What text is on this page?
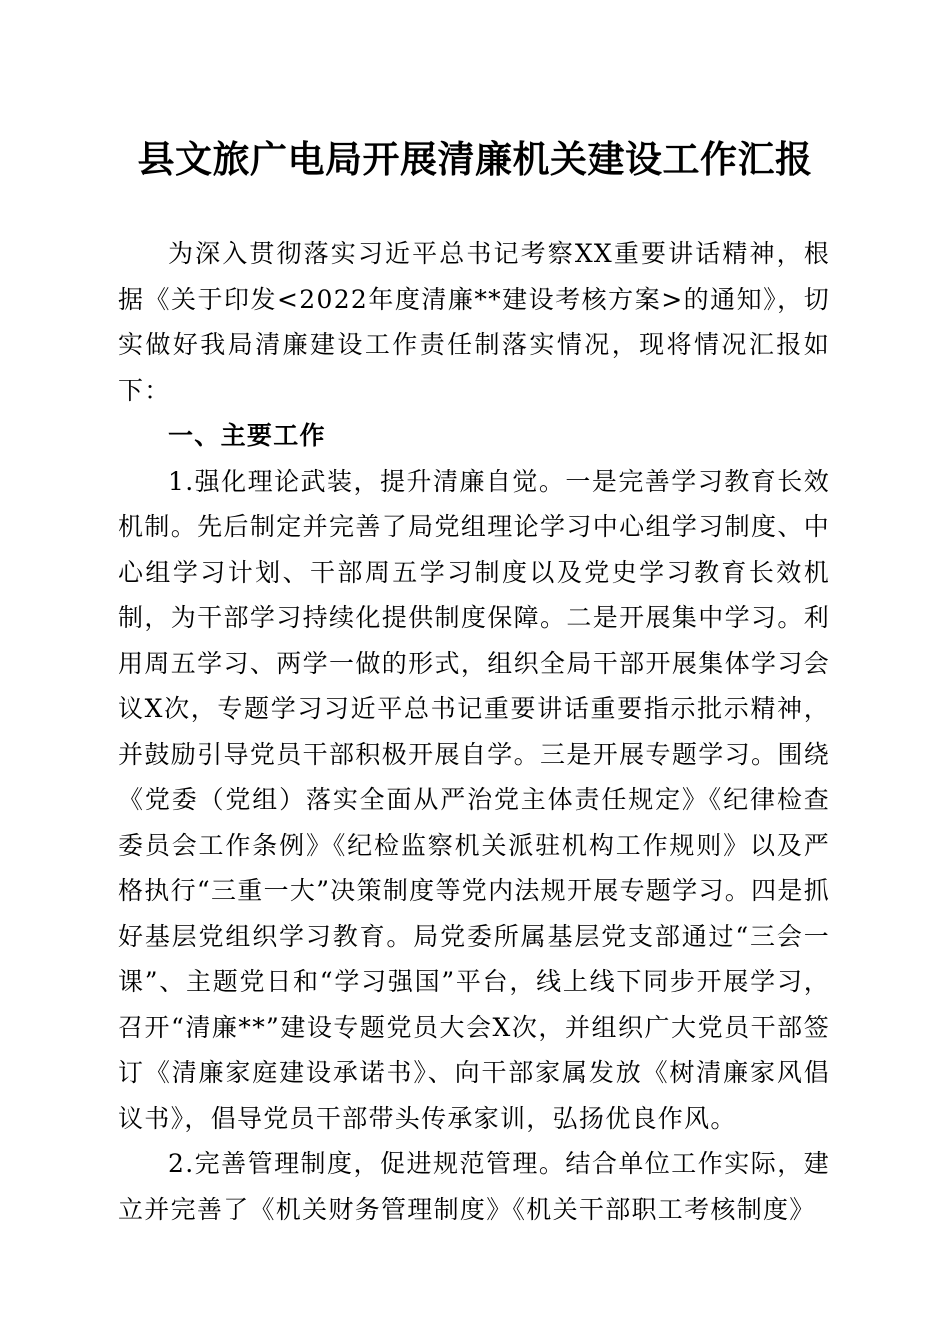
县文旅广电局开展清廉机关建设工作汇报

为深入贯彻落实习近平总书记考察XX重要讲话精神，根据《关于印发<2022年度清廉**建设考核方案>的通知》，切实做好我局清廉建设工作责任制落实情况，现将情况汇报如下：

一、主要工作

1.强化理论武装，提升清廉自觉。一是完善学习教育长效机制。先后制定并完善了局党组理论学习中心组学习制度、中心组学习计划、干部周五学习制度以及党史学习教育长效机制，为干部学习持续化提供制度保障。二是开展集中学习。利用周五学习、两学一做的形式，组织全局干部开展集体学习会议X次，专题学习习近平总书记重要讲话重要指示批示精神，并鼓励引导党员干部积极开展自学。三是开展专题学习。围绕《党委（党组）落实全面从严治党主体责任规定》《纪律检查委员会工作条例》《纪检监察机关派驻机构工作规则》以及严格执行“三重一大”决策制度等党内法规开展专题学习。四是抓好基层党组织学习教育。局党委所属基层党支部通过“三会一课”、主题党日和“学习强国”平台，线上线下同步开展学习，召开“清廉**”建设专题党员大会X次，并组织广大党员干部签订《清廉家庭建设承诺书》、向干部家属发放《树清廉家风倡议书》，倡导党员干部带头传承家训，弘扬优良作风。

2.完善管理制度，促进规范管理。结合单位工作实际，建立并完善了《机关财务管理制度》《机关干部职工考核制度》
